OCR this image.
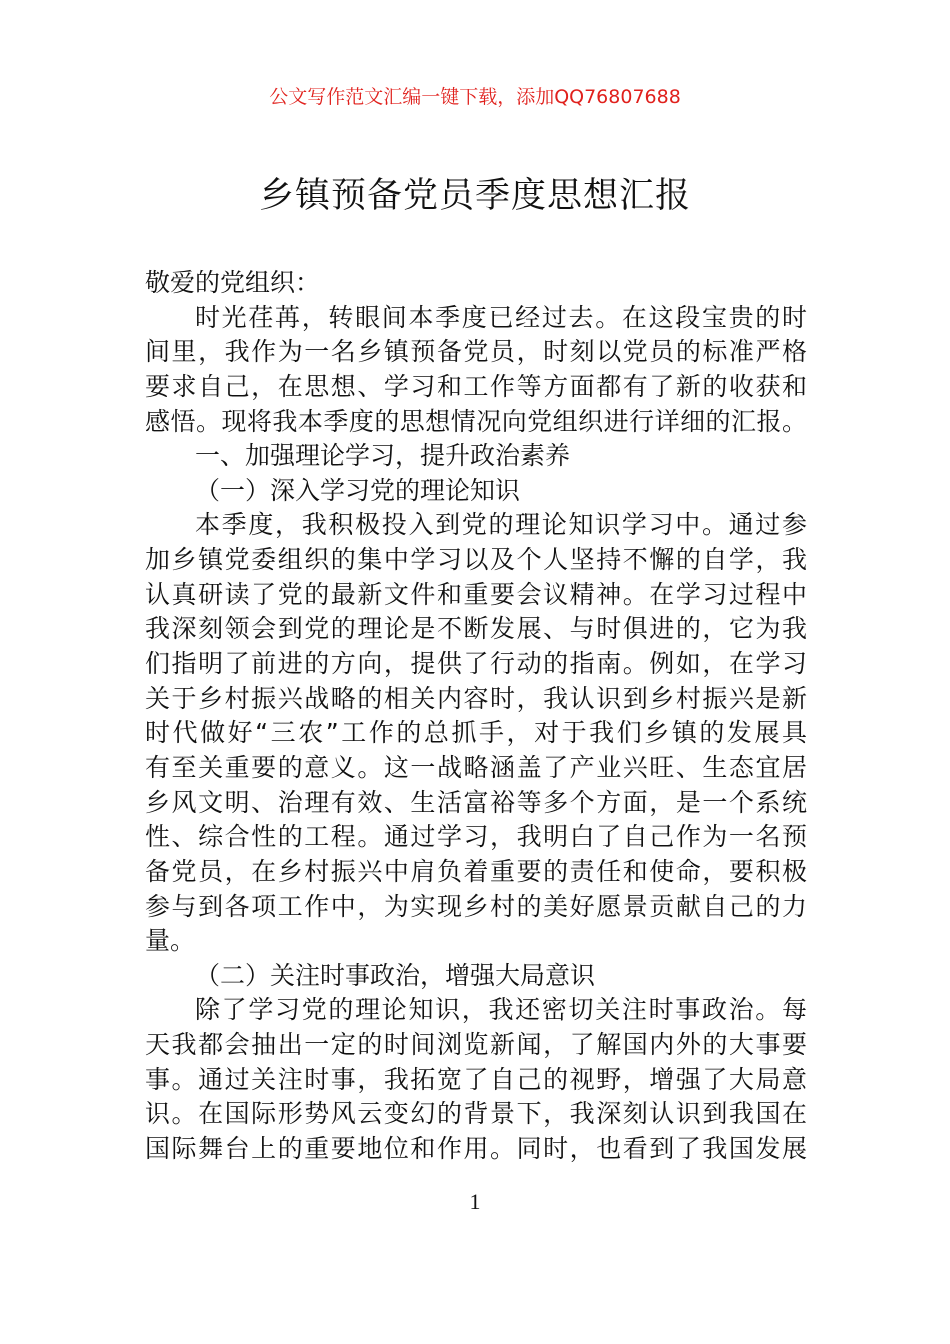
公文写作范文汇编一键下载，添加QQ76807688
乡镇预备党员季度思想汇报
敬爱的党组织：
时光荏苒，转眼间本季度已经过去。在这段宝贵的时
间里，我作为一名乡镇预备党员，时刻以党员的标准严格
要求自己，在思想、学习和工作等方面都有了新的收获和
感悟。现将我本季度的思想情况向党组织进行详细的汇报。
一、加强理论学习，提升政治素养
（一）深入学习党的理论知识
本季度，我积极投入到党的理论知识学习中。通过参
加乡镇党委组织的集中学习以及个人坚持不懈的自学，我
认真研读了党的最新文件和重要会议精神。在学习过程中
我深刻领会到党的理论是不断发展、与时俱进的，它为我
们指明了前进的方向，提供了行动的指南。例如，在学习
关于乡村振兴战略的相关内容时，我认识到乡村振兴是新
时代做好“三农”工作的总抓手，对于我们乡镇的发展具
有至关重要的意义。这一战略涵盖了产业兴旺、生态宜居
乡风文明、治理有效、生活富裕等多个方面，是一个系统
性、综合性的工程。通过学习，我明白了自己作为一名预
备党员，在乡村振兴中肩负着重要的责任和使命，要积极
参与到各项工作中，为实现乡村的美好愿景贡献自己的力
量。
（二）关注时事政治，增强大局意识
除了学习党的理论知识，我还密切关注时事政治。每
天我都会抽出一定的时间浏览新闻，了解国内外的大事要
事。通过关注时事，我拓宽了自己的视野，增强了大局意
识。在国际形势风云变幻的背景下，我深刻认识到我国在
国际舞台上的重要地位和作用。同时，也看到了我国发展
1
